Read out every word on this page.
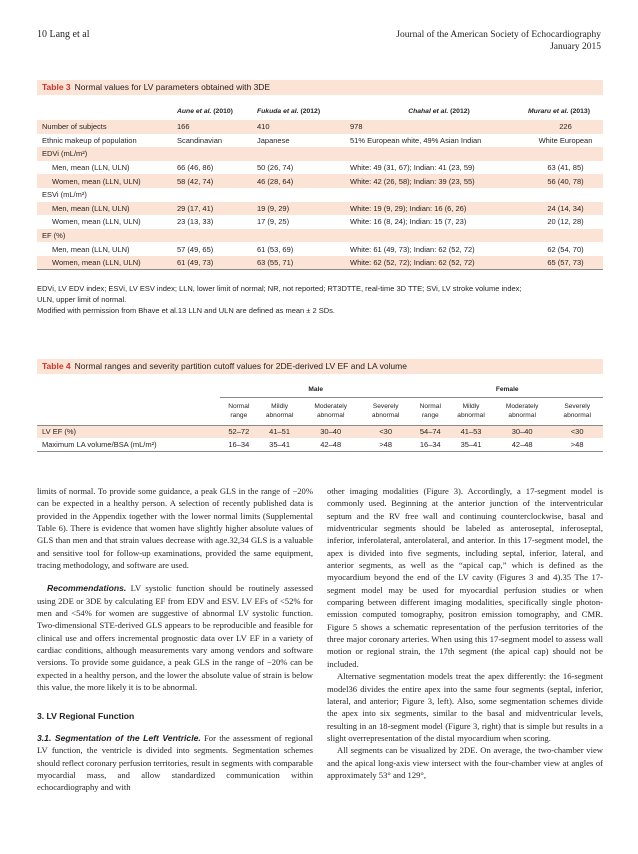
10 Lang et al	Journal of the American Society of Echocardiography
January 2015
Table 3 Normal values for LV parameters obtained with 3DE
	Aune et al. (2010)	Fukuda et al. (2012)	Chahal et al. (2012)	Muraru et al. (2013)
Number of subjects	166	410	978	226
Ethnic makeup of population	Scandinavian	Japanese	51% European white, 49% Asian Indian	White European
EDVi (mL/m²)				
Men, mean (LLN, ULN)	66 (46, 86)	50 (26, 74)	White: 49 (31, 67); Indian: 41 (23, 59)	63 (41, 85)
Women, mean (LLN, ULN)	58 (42, 74)	46 (28, 64)	White: 42 (26, 58); Indian: 39 (23, 55)	56 (40, 78)
ESVi (mL/m²)				
Men, mean (LLN, ULN)	29 (17, 41)	19 (9, 29)	White: 19 (9, 29); Indian: 16 (6, 26)	24 (14, 34)
Women, mean (LLN, ULN)	23 (13, 33)	17 (9, 25)	White: 16 (8, 24); Indian: 15 (7, 23)	20 (12, 28)
EF (%)				
Men, mean (LLN, ULN)	57 (49, 65)	61 (53, 69)	White: 61 (49, 73); Indian: 62 (52, 72)	62 (54, 70)
Women, mean (LLN, ULN)	61 (49, 73)	63 (55, 71)	White: 62 (52, 72); Indian: 62 (52, 72)	65 (57, 73)
EDVi, LV EDV index; ESVi, LV ESV index; LLN, lower limit of normal; NR, not reported; RT3DTTE, real-time 3D TTE; SVi, LV stroke volume index;
ULN, upper limit of normal.
Modified with permission from Bhave et al.13 LLN and ULN are defined as mean ± 2 SDs.
Table 4 Normal ranges and severity partition cutoff values for 2DE-derived LV EF and LA volume
	Male				Female			
	Normal range	Mildly abnormal	Moderately abnormal	Severely abnormal	Normal range	Mildly abnormal	Moderately abnormal	Severely abnormal
LV EF (%)	52–72	41–51	30–40	<30	54–74	41–53	30–40	<30
Maximum LA volume/BSA (mL/m²)	16–34	35–41	42–48	>48	16–34	35–41	42–48	>48

limits of normal. To provide some guidance, a peak GLS in the range of −20% can be expected in a healthy person. A selection of recently published data is provided in the Appendix together with the lower normal limits (Supplemental Table 6). There is evidence that women have slightly higher absolute values of GLS than men and that strain values decrease with age.32,34 GLS is a valuable and sensitive tool for follow-up examinations, provided the same equipment, tracing methodology, and software are used.

Recommendations. LV systolic function should be routinely assessed using 2DE or 3DE by calculating EF from EDV and ESV. LV EFs of <52% for men and <54% for women are suggestive of abnormal LV systolic function. Two-dimensional STE-derived GLS appears to be reproducible and feasible for clinical use and offers incremental prognostic data over LV EF in a variety of cardiac conditions, although measurements vary among vendors and software versions. To provide some guidance, a peak GLS in the range of −20% can be expected in a healthy person, and the lower the absolute value of strain is below this value, the more likely it is to be abnormal.

3. LV Regional Function

3.1. Segmentation of the Left Ventricle. For the assessment of regional LV function, the ventricle is divided into segments. Segmentation schemes should reflect coronary perfusion territories, result in segments with comparable myocardial mass, and allow standardized communication within echocardiography and with

other imaging modalities (Figure 3). Accordingly, a 17-segment model is commonly used. Beginning at the anterior junction of the interventricular septum and the RV free wall and continuing counterclockwise, basal and midventricular segments should be labeled as anteroseptal, inferoseptal, inferior, inferolateral, anterolateral, and anterior. In this 17-segment model, the apex is divided into five segments, including septal, inferior, lateral, and anterior segments, as well as the “apical cap,” which is defined as the myocardium beyond the end of the LV cavity (Figures 3 and 4).35 The 17-segment model may be used for myocardial perfusion studies or when comparing between different imaging modalities, specifically single photon-emission computed tomography, positron emission tomography, and CMR. Figure 5 shows a schematic representation of the perfusion territories of the three major coronary arteries. When using this 17-segment model to assess wall motion or regional strain, the 17th segment (the apical cap) should not be included.

Alternative segmentation models treat the apex differently: the 16-segment model36 divides the entire apex into the same four segments (septal, inferior, lateral, and anterior; Figure 3, left). Also, some segmentation schemes divide the apex into six segments, similar to the basal and midventricular levels, resulting in an 18-segment model (Figure 3, right) that is simple but results in a slight overrepresentation of the distal myocardium when scoring.

All segments can be visualized by 2DE. On average, the two-chamber view and the apical long-axis view intersect with the four-chamber view at angles of approximately 53° and 129°,
